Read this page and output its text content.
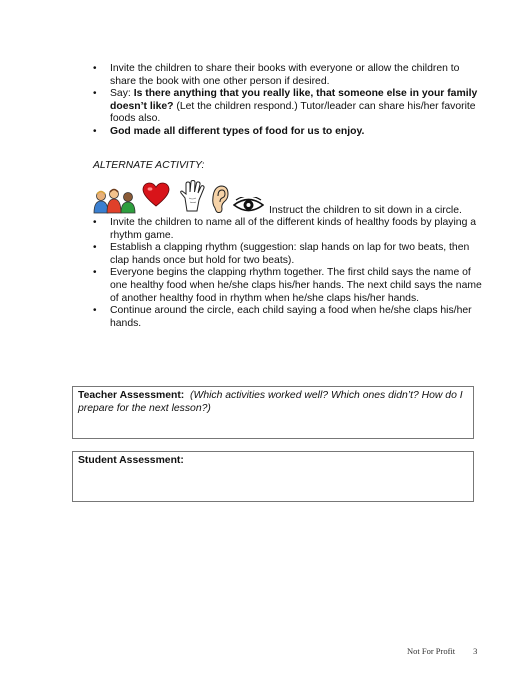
• Invite the children to share their books with everyone or allow the children to share the book with one other person if desired.
• Say: Is there anything that you really like, that someone else in your family doesn’t like? (Let the children respond.) Tutor/leader can share his/her favorite foods also.
• God made all different types of food for us to enjoy.
ALTERNATE ACTIVITY:
Instruct the children to sit down in a circle.
• Invite the children to name all of the different kinds of healthy foods by playing a rhythm game.
• Establish a clapping rhythm (suggestion: slap hands on lap for two beats, then clap hands once but hold for two beats).
• Everyone begins the clapping rhythm together. The first child says the name of one healthy food when he/she claps his/her hands. The next child says the name of another healthy food in rhythm when he/she claps his/her hands.
• Continue around the circle, each child saying a food when he/she claps his/her hands.
Teacher Assessment: (Which activities worked well? Which ones didn’t? How do I prepare for the next lesson?)
Student Assessment:
Not For Profit 3
